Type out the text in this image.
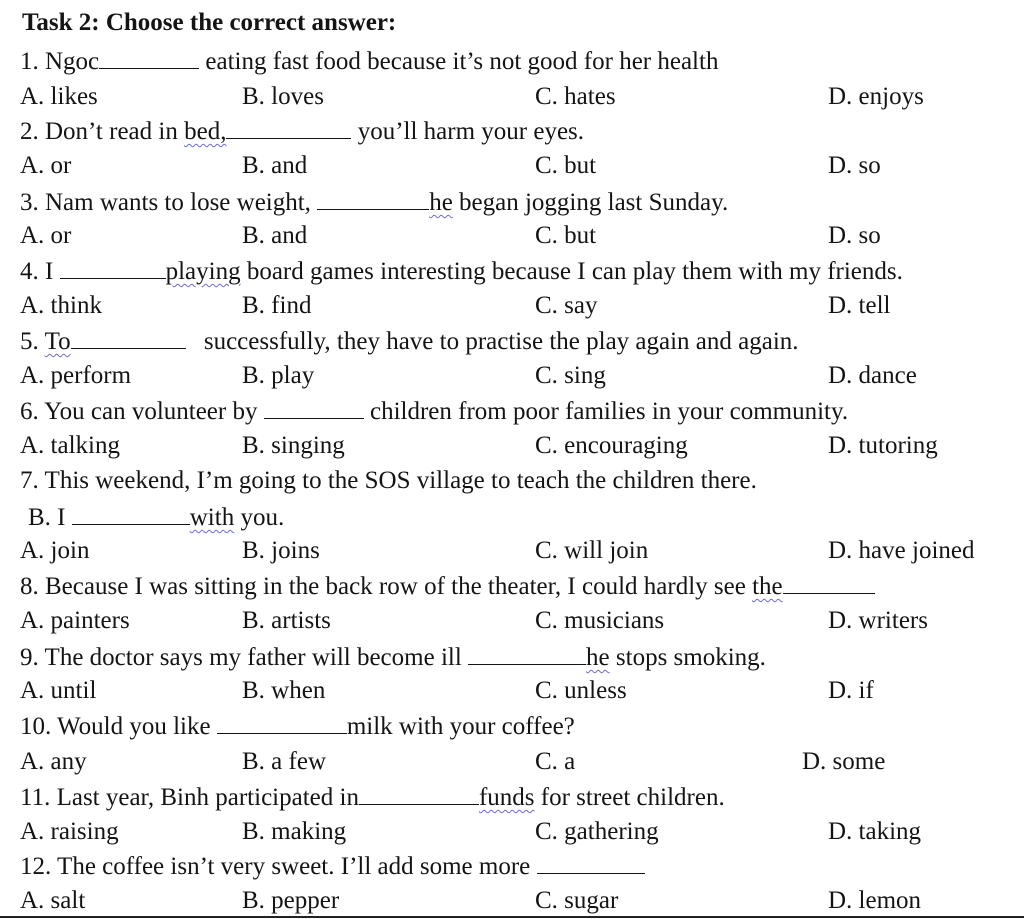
Task 2: Choose the correct answer:
1. Ngoc	eating fast food because it’s not good for her health
A. likes	B. loves	C. hates	D. enjoys
2. Don’t read in bed,	you’ll harm your eyes.
A. or	B. and	C. but	D. so
3. Nam wants to lose weight,	he began jogging last Sunday.
A. or	B. and	C. but	D. so
4. I	playing board games interesting because I can play them with my friends.
A. think	B. find	C. say	D. tell
5. To	successfully, they have to practise the play again and again.
A. perform	B. play	C. sing	D. dance
6. You can volunteer by	children from poor families in your community.
A. talking	B. singing	C. encouraging	D. tutoring
7. This weekend, I’m going to the SOS village to teach the children there.
B. I	with you.
A. join	B. joins	C. will join	D. have joined
8. Because I was sitting in the back row of the theater, I could hardly see the
A. painters	B. artists	C. musicians	D. writers
9. The doctor says my father will become ill	he stops smoking.
A. until	B. when	C. unless	D. if
10. Would you like	milk with your coffee?
A. any	B. a few	C. a	D. some
11. Last year, Binh participated in	funds for street children.
A. raising	B. making	C. gathering	D. taking
12. The coffee isn’t very sweet. I’ll add some more
A. salt	B. pepper	C. sugar	D. lemon
